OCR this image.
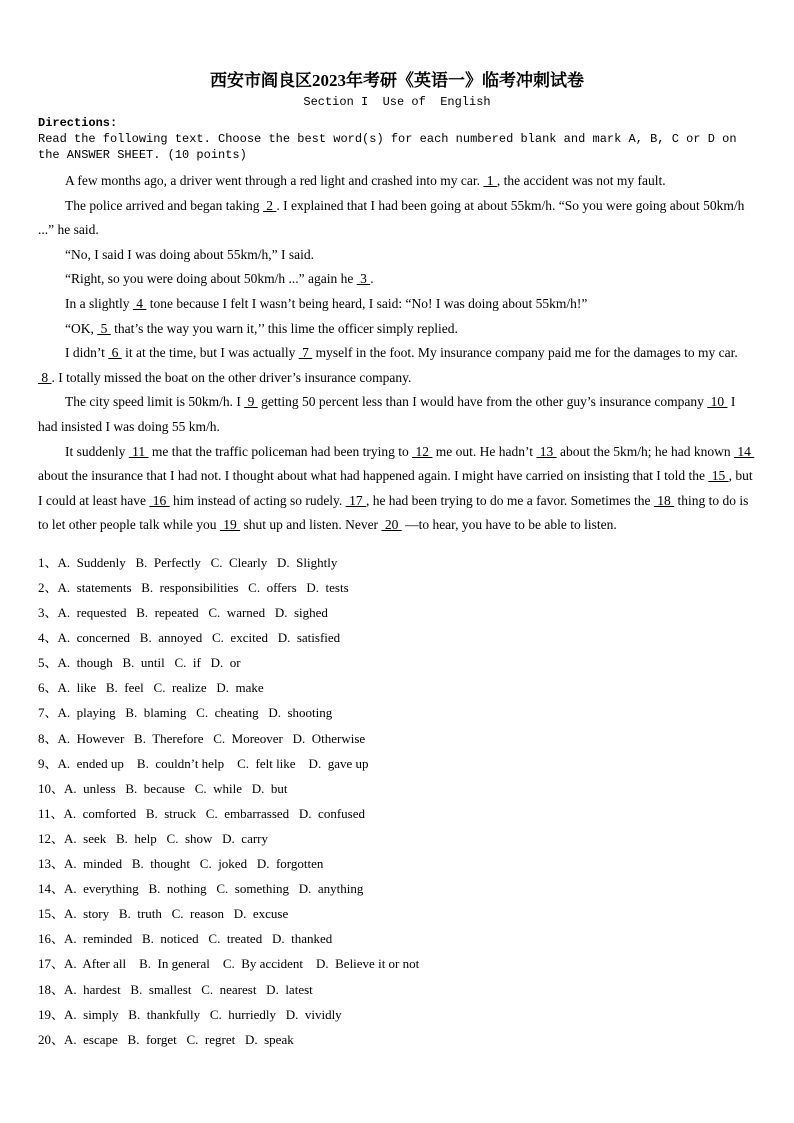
西安市阎良区2023年考研《英语一》临考冲刺试卷
Section I  Use of  English
Directions:
Read the following text. Choose the best word(s) for each numbered blank and mark A, B, C or D on the ANSWER SHEET. (10 points)

A few months ago, a driver went through a red light and crashed into my car.  1 , the accident was not my fault.

The police arrived and began taking  2 . I explained that I had been going at about 55km/h. “So you were going about 50km/h ...” he said.

“No, I said I was doing about 55km/h,” I said.

“Right, so you were doing about 50km/h ...” again he  3 .

In a slightly  4  tone because I felt I wasn’t being heard, I said: “No! I was doing about 55km/h!”

“OK,  5  that’s the way you warn it,’’ this lime the officer simply replied.

I didn’t  6  it at the time, but I was actually  7  myself in the foot. My insurance company paid me for the damages to my car.  8 . I totally missed the boat on the other driver’s insurance company.

The city speed limit is 50km/h. I  9  getting 50 percent less than I would have from the other guy’s insurance company  10  I had insisted I was doing 55 km/h.

It suddenly  11  me that the traffic policeman had been trying to  12  me out. He hadn’t  13  about the 5km/h; he had known  14  about the insurance that I had not. I thought about what had happened again. I might have carried on insisting that I told the  15 , but I could at least have  16  him instead of acting so rudely.  17 , he had been trying to do me a favor. Sometimes the  18  thing to do is to let other people talk while you  19  shut up and listen. Never  20  —to hear, you have to be able to listen.

1、A.  Suddenly   B.  Perfectly   C.  Clearly   D.  Slightly
2、A.  statements   B.  responsibilities   C.  offers   D.  tests
3、A.  requested   B.  repeated   C.  warned   D.  sighed
4、A.  concerned   B.  annoyed   C.  excited   D.  satisfied
5、A.  though   B.  until   C.  if   D.  or
6、A.  like   B.  feel   C.  realize   D.  make
7、A.  playing   B.  blaming   C.  cheating   D.  shooting
8、A.  However   B.  Therefore   C.  Moreover   D.  Otherwise
9、A.  ended up    B.  couldn’t help    C.  felt like    D.  gave up
10、A.  unless   B.  because   C.  while   D.  but
11、A.  comforted   B.  struck   C.  embarrassed   D.  confused
12、A.  seek   B.  help   C.  show   D.  carry
13、A.  minded   B.  thought   C.  joked   D.  forgotten
14、A.  everything   B.  nothing   C.  something   D.  anything
15、A.  story   B.  truth   C.  reason   D.  excuse
16、A.  reminded   B.  noticed   C.  treated   D.  thanked
17、A.  After all    B.  In general    C.  By accident    D.  Believe it or not
18、A.  hardest   B.  smallest   C.  nearest   D.  latest
19、A.  simply   B.  thankfully   C.  hurriedly   D.  vividly
20、A.  escape   B.  forget   C.  regret   D.  speak
